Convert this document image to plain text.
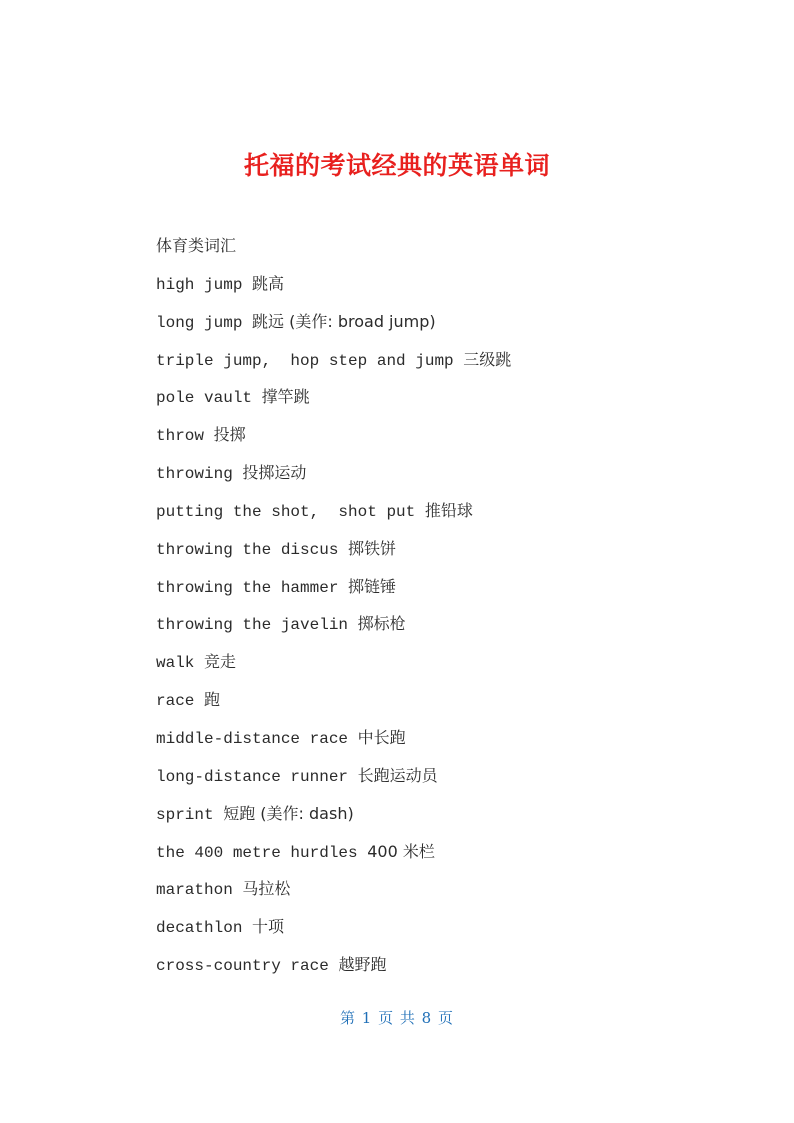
托福的考试经典的英语单词
体育类词汇
high jump 跳高
long jump 跳远 (美作: broad jump)
triple jump,  hop step and jump 三级跳
pole vault 撑竿跳
throw 投掷
throwing 投掷运动
putting the shot,  shot put 推铅球
throwing the discus 掷铁饼
throwing the hammer 掷链锤
throwing the javelin 掷标枪
walk 竞走
race 跑
middle-distance race 中长跑
long-distance runner 长跑运动员
sprint 短跑 (美作: dash)
the 400 metre hurdles 400 米栏
marathon 马拉松
decathlon 十项
cross-country race 越野跑
第 1 页 共 8 页
